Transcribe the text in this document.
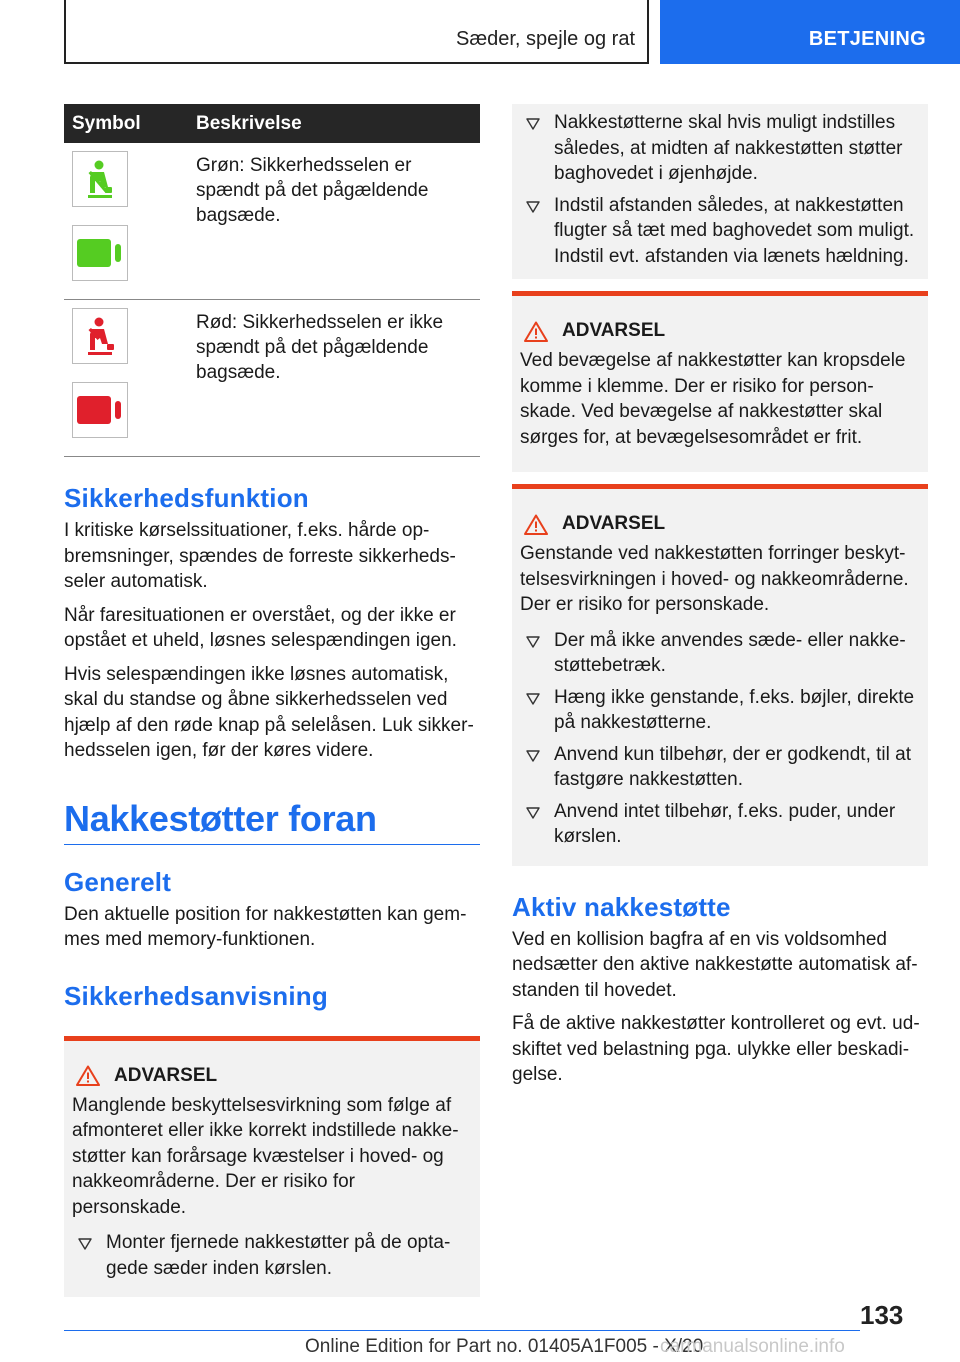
Sæder, spejle og rat	BETJENING
Symbol	Beskrivelse

	Grøn: Sikkerhedsselen er spændt på det pågældende bagsæde.

	Rød: Sikkerhedsselen er ikke spændt på det pågældende bagsæde.
Sikkerhedsfunktion

I kritiske kørselssituationer, f.eks. hårde opbremsninger, spændes de forreste sikkerhedsseler automatisk.

Når faresituationen er overstået, og der ikke er opstået et uheld, løsnes selespændingen igen.

Hvis selespændingen ikke løsnes automatisk, skal du standse og åbne sikkerhedsselen ved hjælp af den røde knap på selelåsen. Luk sikkerhedsselen igen, før der køres videre.

Nakkestøtter foran
Generelt

Den aktuelle position for nakkestøtten kan gemmes med memory-funktionen.

Sikkerhedsanvisning
ADVARSEL

Manglende beskyttelsesvirkning som følge af afmonteret eller ikke korrekt indstillede nakkestøtter kan forårsage kvæstelser i hoved- og nakkeområderne. Der er risiko for personskade.

Monter fjernede nakkestøtter på de optagede sæder inden kørslen.
Nakkestøtterne skal hvis muligt indstilles således, at midten af nakkestøtten støtter baghovedet i øjenhøjde.
Indstil afstanden således, at nakkestøtten flugter så tæt med baghovedet som muligt. Indstil evt. afstanden via lænets hældning.
ADVARSEL

Ved bevægelse af nakkestøtter kan kropsdele komme i klemme. Der er risiko for personskade. Ved bevægelse af nakkestøtter skal sørges for, at bevægelsesområdet er frit.

ADVARSEL

Genstande ved nakkestøtten forringer beskyttelsesvirkningen i hoved- og nakkeområderne. Der er risiko for personskade.

Der må ikke anvendes sæde- eller nakkestøttebetræk.
Hæng ikke genstande, f.eks. bøjler, direkte på nakkestøtterne.
Anvend kun tilbehør, der er godkendt, til at fastgøre nakkestøtten.
Anvend intet tilbehør, f.eks. puder, under kørslen.
Aktiv nakkestøtte

Ved en kollision bagfra af en vis voldsomhed nedsætter den aktive nakkestøtte automatisk afstanden til hovedet.

Få de aktive nakkestøtter kontrolleret og evt. udskiftet ved belastning pga. ulykke eller beskadigelse.

133
Online Edition for Part no. 01405A1F005 - X/20
carmanualsonline.info
